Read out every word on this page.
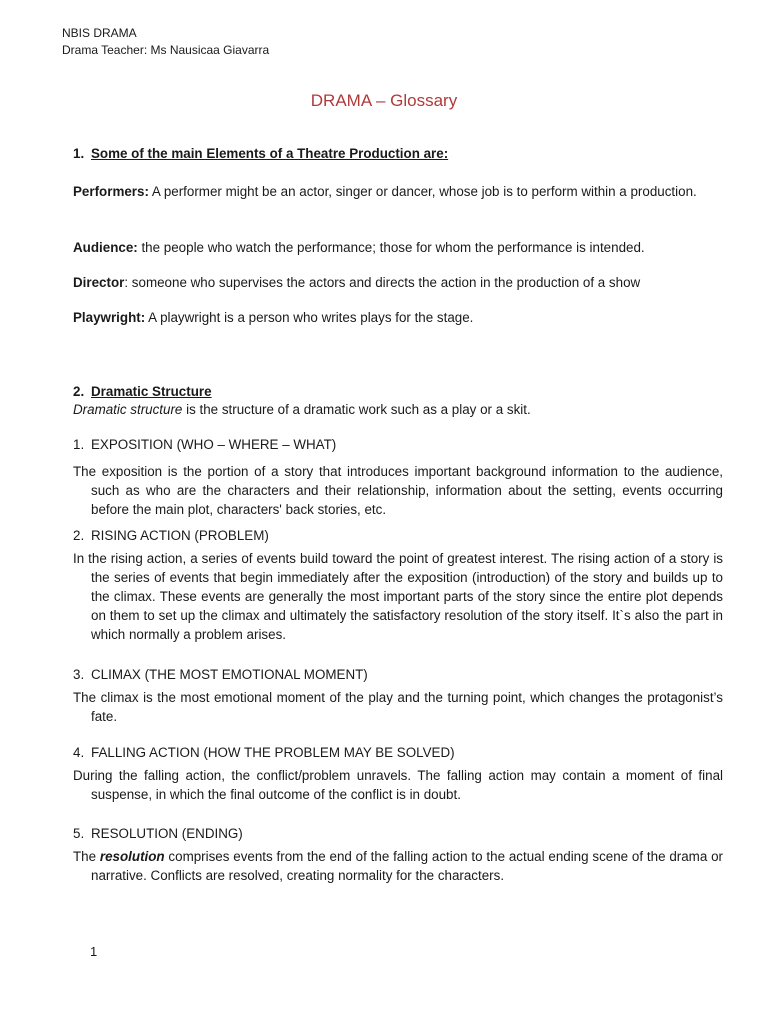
NBIS DRAMA
Drama Teacher: Ms Nausicaa Giavarra
DRAMA – Glossary
1. Some of the main Elements of a Theatre Production are:

Performers: A performer might be an actor, singer or dancer, whose job is to perform within a production.

Audience: the people who watch the performance; those for whom the performance is intended.

Director: someone who supervises the actors and directs the action in the production of a show

Playwright: A playwright is a person who writes plays for the stage.

2. Dramatic Structure

Dramatic structure is the structure of a dramatic work such as a play or a skit.

1. EXPOSITION (WHO – WHERE – WHAT)

The exposition is the portion of a story that introduces important background information to the audience, such as who are the characters and their relationship, information about the setting, events occurring before the main plot, characters' back stories, etc.

2. RISING ACTION (PROBLEM)

In the rising action, a series of events build toward the point of greatest interest. The rising action of a story is the series of events that begin immediately after the exposition (introduction) of the story and builds up to the climax. These events are generally the most important parts of the story since the entire plot depends on them to set up the climax and ultimately the satisfactory resolution of the story itself. It`s also the part in which normally a problem arises.

3. CLIMAX (THE MOST EMOTIONAL MOMENT)

The climax is the most emotional moment of the play and the turning point, which changes the protagonist’s fate.

4. FALLING ACTION (HOW THE PROBLEM MAY BE SOLVED)

During the falling action, the conflict/problem unravels. The falling action may contain a moment of final suspense, in which the final outcome of the conflict is in doubt.

5. RESOLUTION (ENDING)

The resolution comprises events from the end of the falling action to the actual ending scene of the drama or narrative. Conflicts are resolved, creating normality for the characters.

1
